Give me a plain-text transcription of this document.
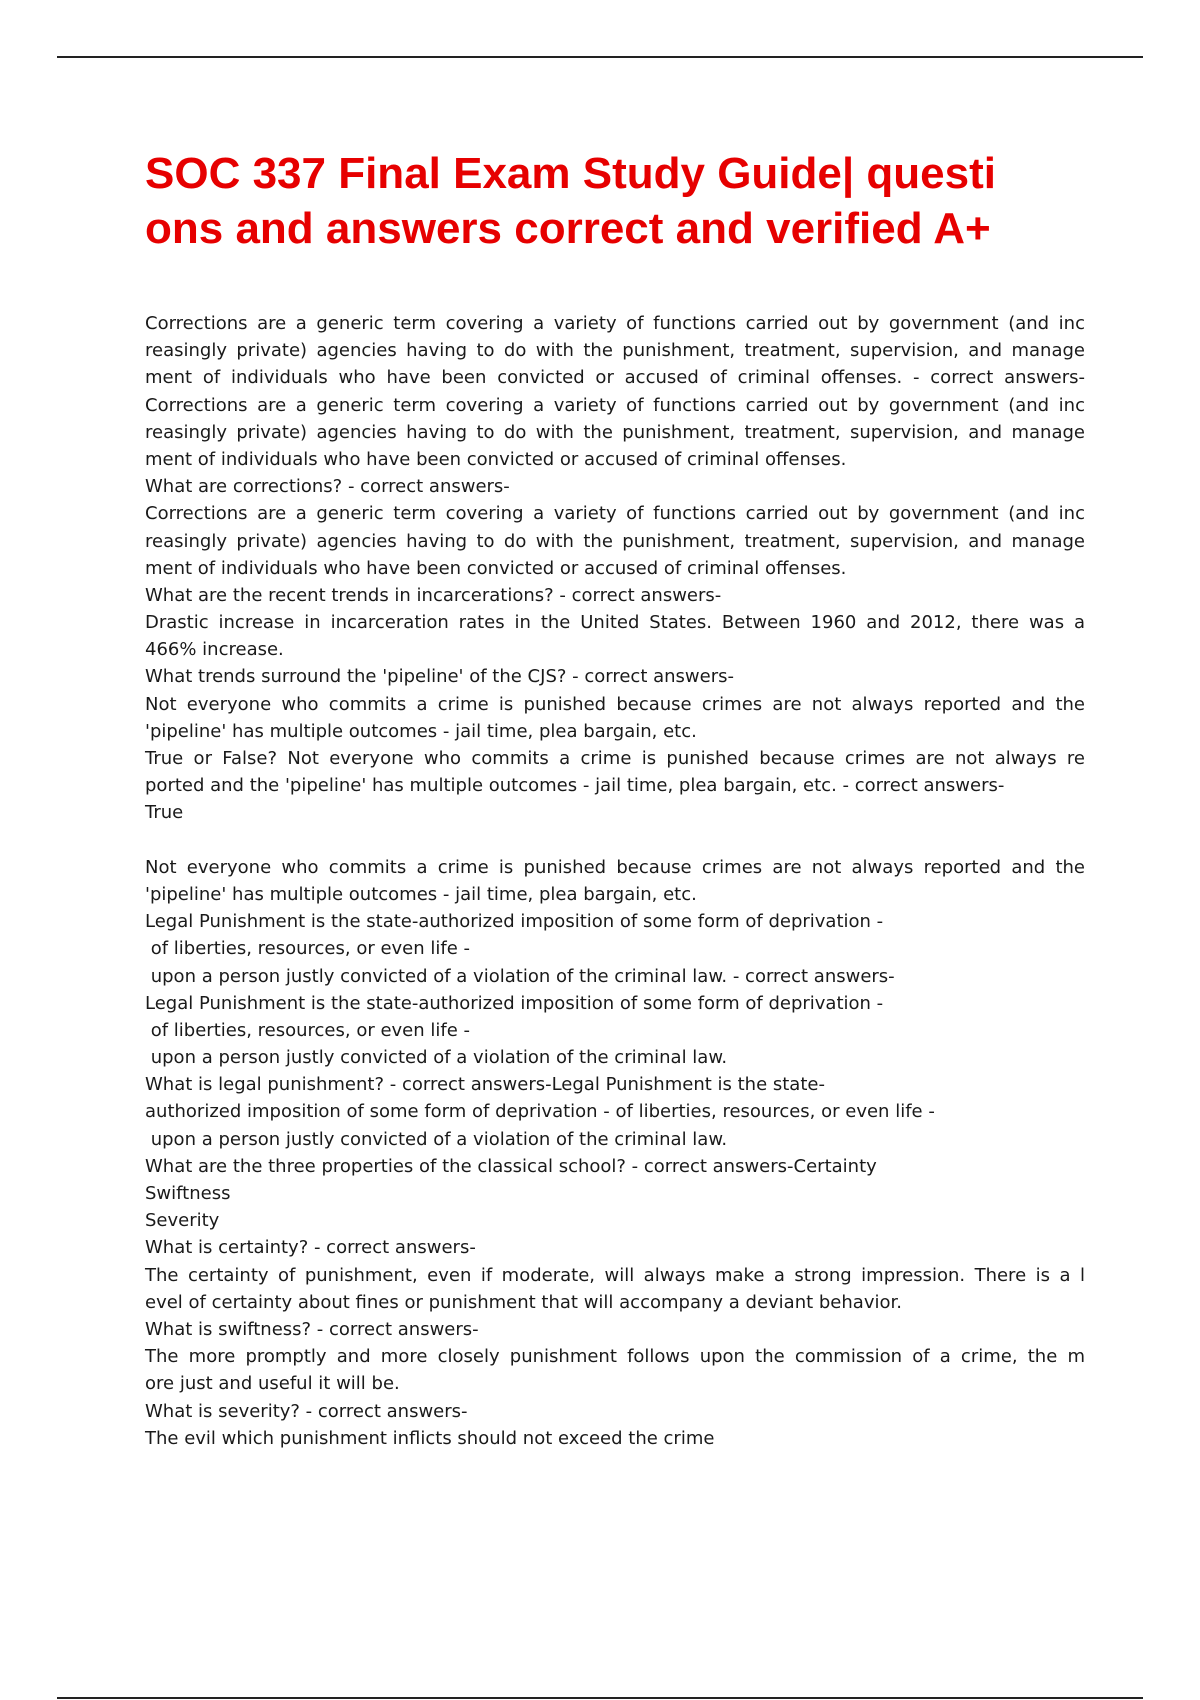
SOC 337 Final Exam Study Guide| questi
ons and answers correct and verified A+
Corrections are a generic term covering a variety of functions carried out by government (and inc
reasingly private) agencies having to do with the punishment, treatment, supervision, and manage
ment of individuals who have been convicted or accused of criminal offenses. - correct answers-
Corrections are a generic term covering a variety of functions carried out by government (and inc
reasingly private) agencies having to do with the punishment, treatment, supervision, and manage
ment of individuals who have been convicted or accused of criminal offenses.
What are corrections? - correct answers-
Corrections are a generic term covering a variety of functions carried out by government (and inc
reasingly private) agencies having to do with the punishment, treatment, supervision, and manage
ment of individuals who have been convicted or accused of criminal offenses.
What are the recent trends in incarcerations? - correct answers-
Drastic increase in incarceration rates in the United States. Between 1960 and 2012, there was a
466% increase.
What trends surround the 'pipeline' of the CJS? - correct answers-
Not everyone who commits a crime is punished because crimes are not always reported and the
'pipeline' has multiple outcomes - jail time, plea bargain, etc.
True or False? Not everyone who commits a crime is punished because crimes are not always re
ported and the 'pipeline' has multiple outcomes - jail time, plea bargain, etc. - correct answers-
True
Not everyone who commits a crime is punished because crimes are not always reported and the
'pipeline' has multiple outcomes - jail time, plea bargain, etc.
Legal Punishment is the state-authorized imposition of some form of deprivation -
of liberties, resources, or even life -
upon a person justly convicted of a violation of the criminal law. - correct answers-
Legal Punishment is the state-authorized imposition of some form of deprivation -
of liberties, resources, or even life -
upon a person justly convicted of a violation of the criminal law.
What is legal punishment? - correct answers-Legal Punishment is the state-
authorized imposition of some form of deprivation - of liberties, resources, or even life -
upon a person justly convicted of a violation of the criminal law.
What are the three properties of the classical school? - correct answers-Certainty
Swiftness
Severity
What is certainty? - correct answers-
The certainty of punishment, even if moderate, will always make a strong impression. There is a l
evel of certainty about fines or punishment that will accompany a deviant behavior.
What is swiftness? - correct answers-
The more promptly and more closely punishment follows upon the commission of a crime, the m
ore just and useful it will be.
What is severity? - correct answers-
The evil which punishment inflicts should not exceed the crime
